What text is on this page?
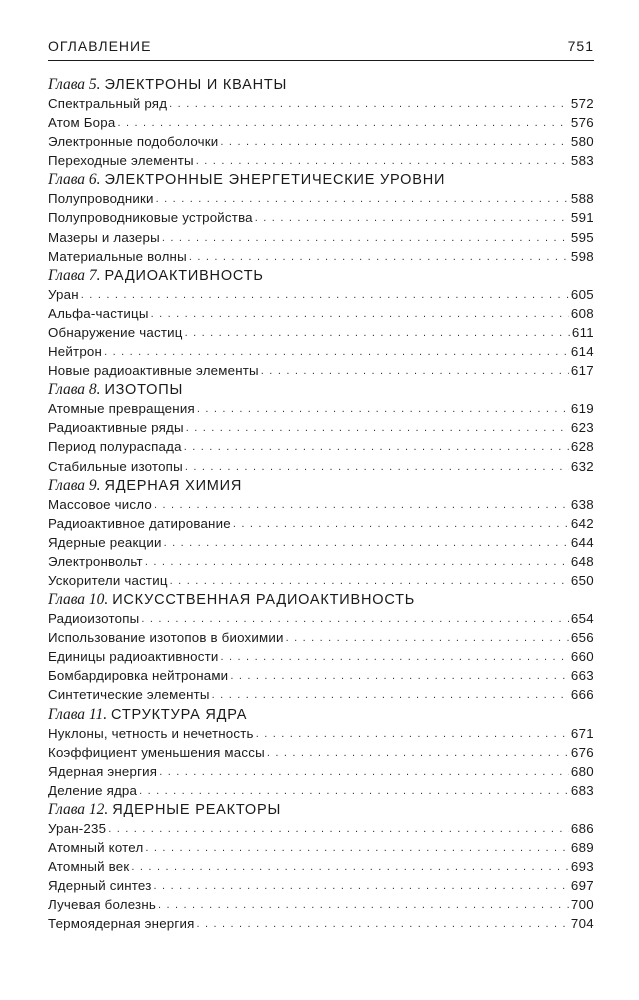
ОГЛАВЛЕНИЕ	751
Глава 5. ЭЛЕКТРОНЫ И КВАНТЫ
Спектральный ряд . . .	572
Атом Бора . . .	576
Электронные подоболочки . . .	580
Переходные элементы . . .	583
Глава 6. ЭЛЕКТРОННЫЕ ЭНЕРГЕТИЧЕСКИЕ УРОВНИ
Полупроводники . . .	588
Полупроводниковые устройства . . .	591
Мазеры и лазеры . . .	595
Материальные волны . . .	598
Глава 7. РАДИОАКТИВНОСТЬ
Уран . . .	605
Альфа-частицы . . .	608
Обнаружение частиц . . .	611
Нейтрон . . .	614
Новые радиоактивные элементы . . .	617
Глава 8. ИЗОТОПЫ
Атомные превращения . . .	619
Радиоактивные ряды . . .	623
Период полураспада . . .	628
Стабильные изотопы . . .	632
Глава 9. ЯДЕРНАЯ ХИМИЯ
Массовое число . . .	638
Радиоактивное датирование . . .	642
Ядерные реакции . . .	644
Электронвольт . . .	648
Ускорители частиц . . .	650
Глава 10. ИСКУССТВЕННАЯ РАДИОАКТИВНОСТЬ
Радиоизотопы . . .	654
Использование изотопов в биохимии . . .	656
Единицы радиоактивности . . .	660
Бомбардировка нейтронами . . .	663
Синтетические элементы . . .	666
Глава 11. СТРУКТУРА ЯДРА
Нуклоны, четность и нечетность . . .	671
Коэффициент уменьшения массы . . .	676
Ядерная энергия . . .	680
Деление ядра . . .	683
Глава 12. ЯДЕРНЫЕ РЕАКТОРЫ
Уран-235 . . .	686
Атомный котел . . .	689
Атомный век . . .	693
Ядерный синтез . . .	697
Лучевая болезнь . . .	700
Термоядерная энергия . . .	704
